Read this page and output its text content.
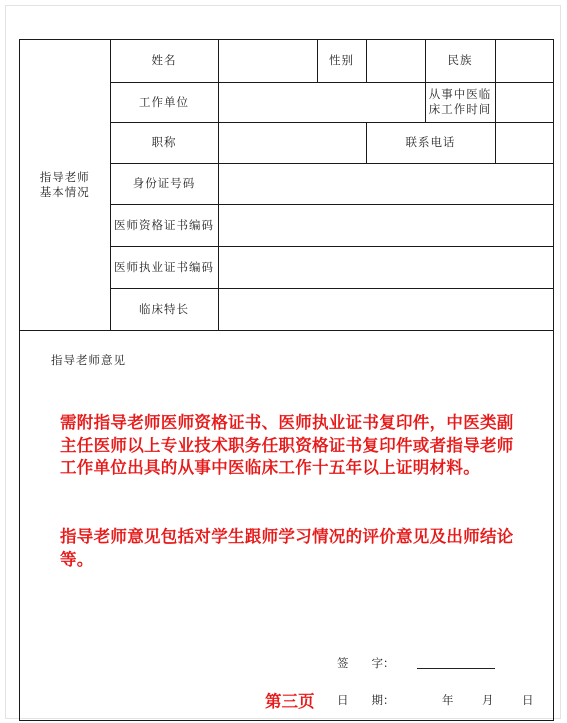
指导老师
基本情况	姓名		性别		民族	
	工作单位				从事中医临
床工作时间	
	职称			联系电话		
	身份证号码					
	医师资格证书编码					
	医师执业证书编码					
	临床特长					
指导老师意见
需附指导老师医师资格证书、医师执业证书复印件，中医类副主任医师以上专业技术职务任职资格证书复印件或者指导老师工作单位出具的从事中医临床工作十五年以上证明材料。
指导老师意见包括对学生跟师学习情况的评价意见及出师结论等。
签　　字：
第三页 日　　期：	年 月 日
